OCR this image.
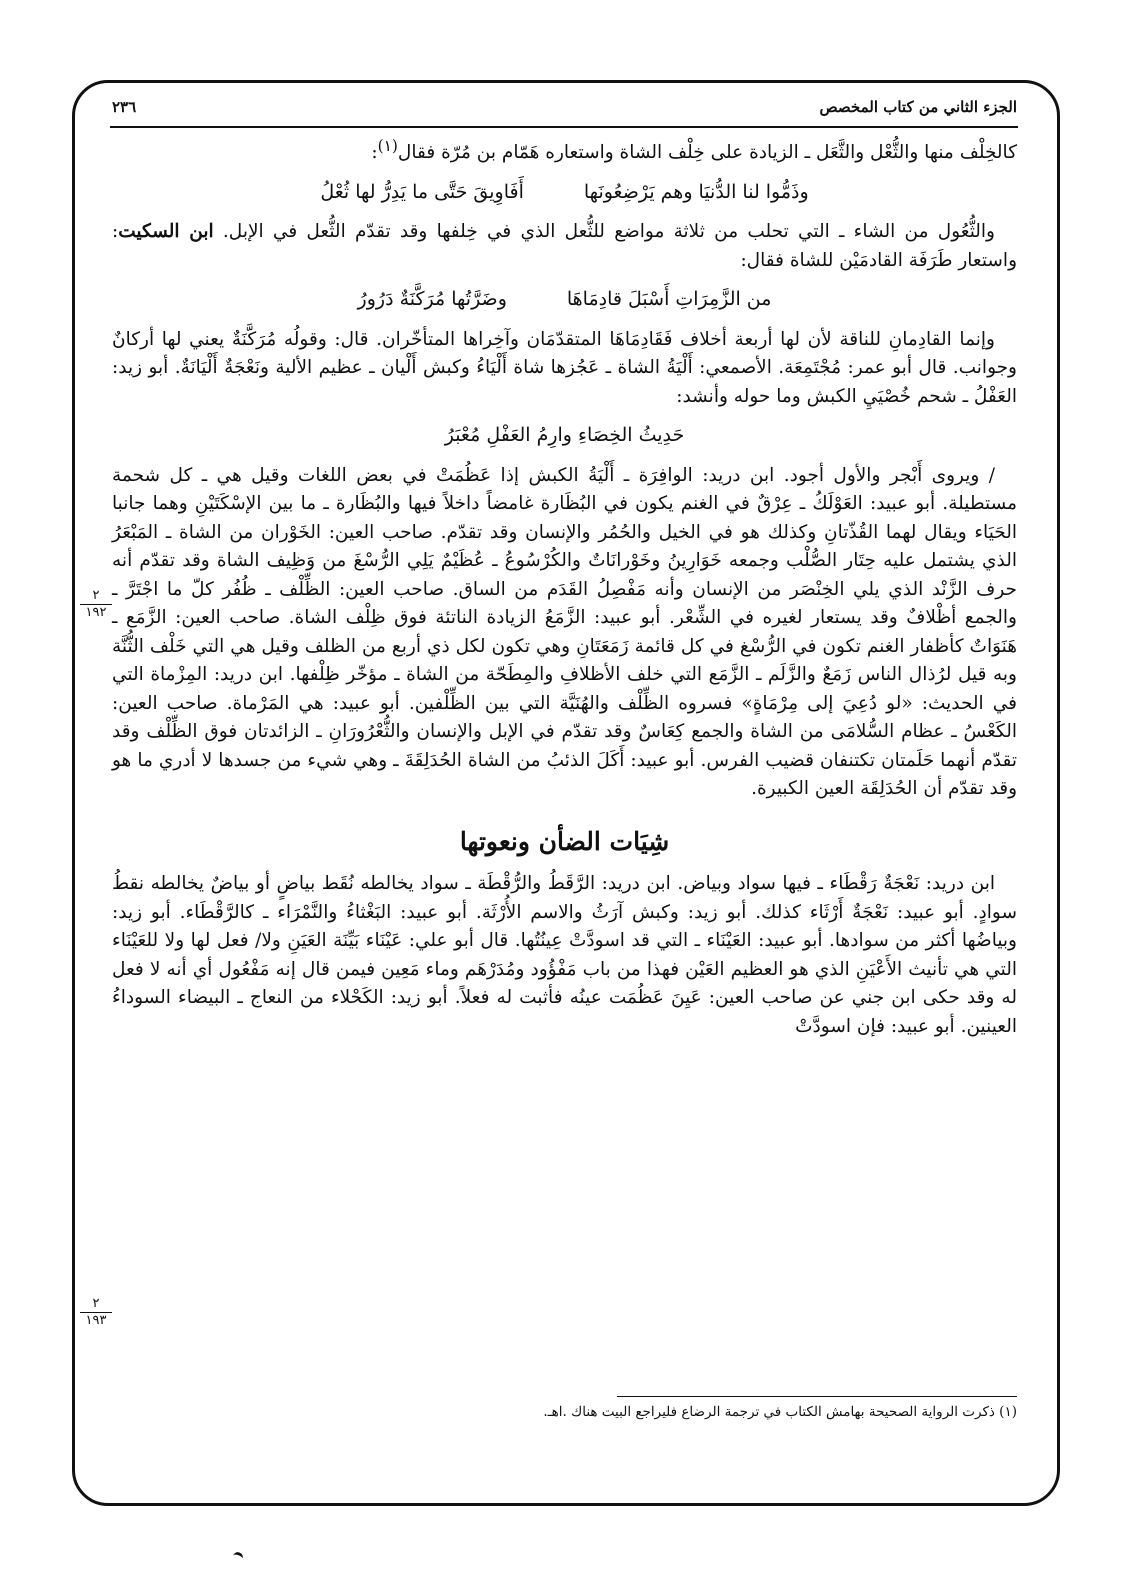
الجزء الثاني من كتاب المخصص
٢٣٦
٢
١٩٢
٢
١٩٣

كالخِلْف منها والثُّعْل والثَّعَل ـ الزيادة على خِلْف الشاة واستعاره هَمّام بن مُرّة فقال$^{(١)}$:

وذَمُّوا لنا الدُّنيَا وهم يَرْضِعُونَها
أَفَاوِيقَ حَتَّى ما يَدِرُّ لها ثُعْلُ

والثُّعُول من الشاء ـ التي تحلب من ثلاثة مواضع للثُّعل الذي في خِلفها وقد تقدّم الثُّعل في الإبل. ابن السكيت: واستعار طَرَفَة القادمَيْن للشاة فقال:

من الزَّمِرَاتِ أَسْبَلَ قادِمَاهَا
وضَرَّتُها مُرَكَّنَةٌ دَرُورُ

وإنما القادِمانِ للناقة لأن لها أربعة أخلاف فَقَادِمَاهَا المتقدّمَان وآخِراها المتأخّران. قال: وقولُه مُرَكَّنَةٌ يعني لها أركانٌ وجوانب. قال أبو عمر: مُجْتَمِعَة. الأصمعي: أَلْيَةُ الشاة ـ عَجُزها شاة أَلْيَاءُ وكبش أَلْيان ـ عظيم الألية ونَعْجَةٌ أَلْيَانَةٌ. أبو زيد: العَفْلُ ـ شحم خُصْيَيِ الكبش وما حوله وأنشد:

حَدِيثُ الخِصَاءِ وارِمُ العَفْلِ مُعْبَرُ

/ ويروى أَبْجر والأول أجود. ابن دريد: الوافِرَة ـ أَلْيَةُ الكبش إذا عَظُمَتْ في بعض اللغات وقيل هي ـ كل شحمة مستطيلة. أبو عبيد: العَوْلَكُ ـ عِرْقٌ في الغنم يكون في البُظَارة غامضاً داخلاً فيها والبُظَارة ـ ما بين الإسْكَتَيْنِ وهما جانبا الحَيَاء ويقال لهما القُذّتانِ وكذلك هو في الخيل والحُمُر والإنسان وقد تقدّم. صاحب العين: الخَوْران من الشاة ـ المَبْعَرُ الذي يشتمل عليه حِتَار الصُّلْب وجمعه خَوَارِينُ وخَوْرانَاتٌ والكُرْسُوعُ ـ عُظَيْمٌ يَلِي الرُّسْغَ من وَظِيف الشاة وقد تقدّم أنه حرف الزَّنْد الذي يلي الخِنْصَر من الإنسان وأنه مَفْصِلُ القَدَم من الساق. صاحب العين: الظِّلْف ـ ظُفُر كلّ ما اجْتَرَّ ـ والجمع أظْلافٌ وقد يستعار لغيره في الشِّعْر. أبو عبيد: الزَّمَعُ الزيادة الناتئة فوق ظِلْف الشاة. صاحب العين: الزَّمَع ـ هَنَوَاتٌ كأظفار الغنم تكون في الرُّسْغ في كل قائمة زَمَعَتَانِ وهي تكون لكل ذي أربع من الظلف وقيل هي التي خَلْف الثُّنَّة وبه قيل لرُذال الناس زَمَعٌ والزَّلَم ـ الزَّمَع التي خلف الأظلافِ والمِطَحّة من الشاة ـ مؤخّر ظِلْفها. ابن دريد: المِزْماة التي في الحديث: «لو دُعِيَ إلى مِرْمَاةٍ» فسروه الظِّلْف والهُنَيَّة التي بين الظِّلْفين. أبو عبيد: هي المَرْماة. صاحب العين: الكَعْسُ ـ عظام السُّلامَى من الشاة والجمع كِعَاسٌ وقد تقدّم في الإبل والإنسان والثُّعْرُورَانِ ـ الزائدتان فوق الظِّلْف وقد تقدّم أنهما حَلَمتان تكتنفان قضيب الفرس. أبو عبيد: أَكَلَ الذئبُ من الشاة الحُدَلِقَةَ ـ وهي شيء من جسدها لا أدري ما هو وقد تقدّم أن الحُدَلِقَة العين الكبيرة.

شِيَات الضأن ونعوتها

ابن دريد: نَعْجَةٌ رَقْطَاء ـ فيها سواد وبياض. ابن دريد: الرَّقَطُ والرُّقْطَة ـ سواد يخالطه نُقَط بياضٍ أو بياضٌ يخالطه نقطُ سوادٍ. أبو عبيد: نَعْجَةٌ أَرْثَاء كذلك. أبو زيد: وكبش آرَثُ والاسم الأُرْثَة. أبو عبيد: البَغْثاءُ والنَّمْرَاء ـ كالرَّقْطَاء. أبو زيد: وبياضُها أكثر من سوادها. أبو عبيد: العَيْنَاء ـ التي قد اسودَّتْ عِينُتُها. قال أبو علي: عَيْنَاء بَيِّنَة العَيَنِ ولا/ فعل لها ولا للعَيْنَاء التي هي تأنيث الأَعْيَنِ الذي هو العظيم العَيْن فهذا من باب مَفْؤُود ومُدَرْهَم وماء مَعِين فيمن قال إنه مَفْعُول أي أنه لا فعل له وقد حكى ابن جني عن صاحب العين: عَيِنَ عَظُمَت عينُه فأثبت له فعلاً. أبو زيد: الكَحْلاء من النعاج ـ البيضاء السوداءُ العينين. أبو عبيد: فإن اسودَّتْ

(١) ذكرت الرواية الصحيحة بهامش الكتاب في ترجمة الرضاع فليراجع البيت هناك .اهـ.
